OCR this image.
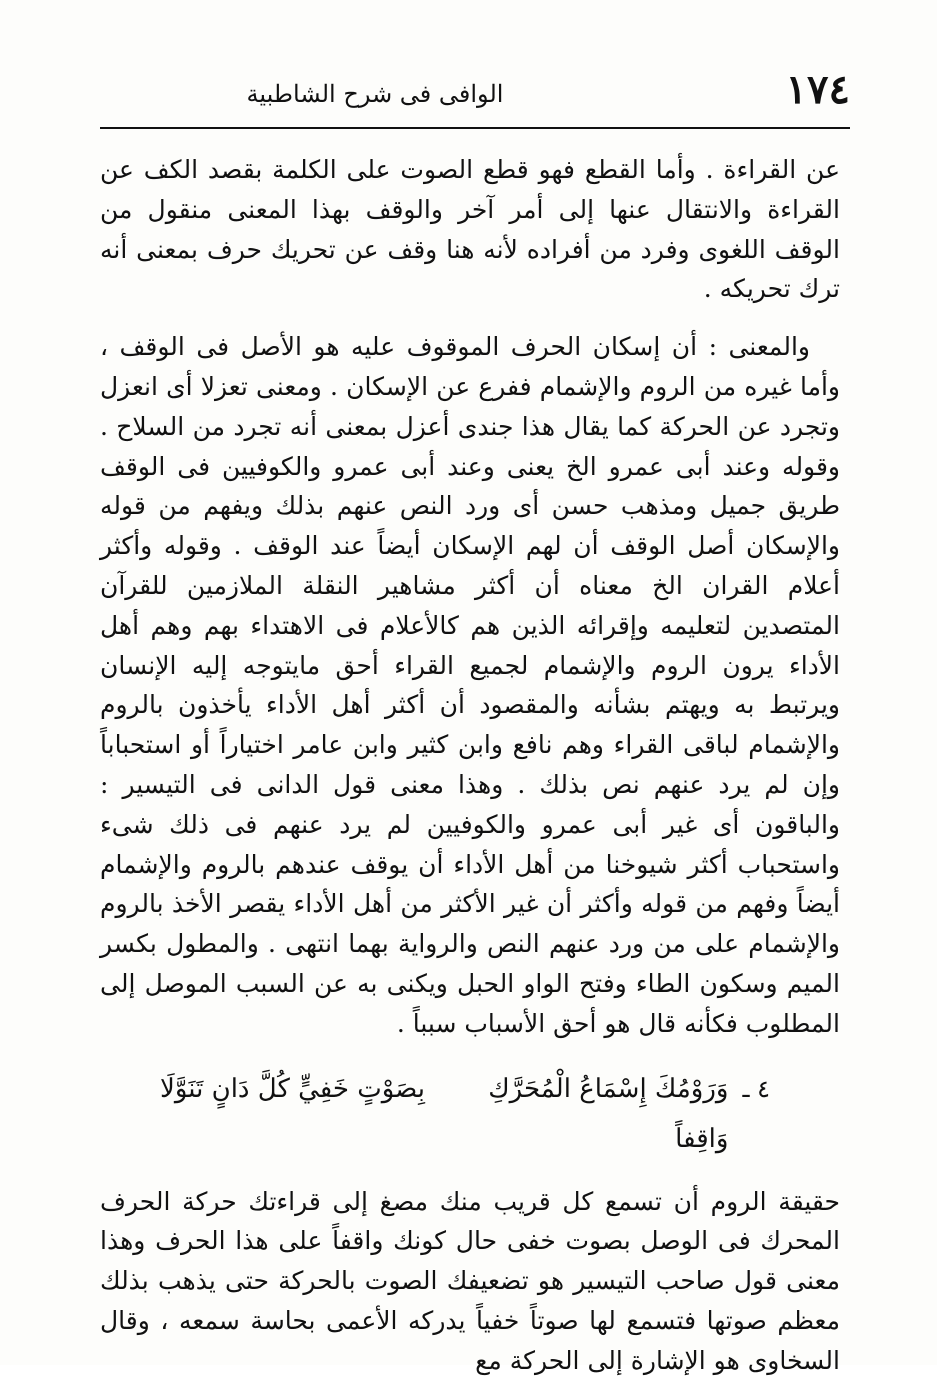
١٧٤
الوافى فى شرح الشاطبية

عن القراءة . وأما القطع فهو قطع الصوت على الكلمة بقصد الكف عن القراءة والانتقال عنها إلى أمر آخر والوقف بهذا المعنى منقول من الوقف اللغوى وفرد من أفراده لأنه هنا وقف عن تحريك حرف بمعنى أنه ترك تحريكه .

والمعنى : أن إسكان الحرف الموقوف عليه هو الأصل فى الوقف ، وأما غيره من الروم والإشمام ففرع عن الإسكان . ومعنى تعزلا أى انعزل وتجرد عن الحركة كما يقال هذا جندى أعزل بمعنى أنه تجرد من السلاح . وقوله وعند أبى عمرو الخ يعنى وعند أبى عمرو والكوفيين فى الوقف طريق جميل ومذهب حسن أى ورد النص عنهم بذلك ويفهم من قوله والإسكان أصل الوقف أن لهم الإسكان أيضاً عند الوقف . وقوله وأكثر أعلام القران الخ معناه أن أكثر مشاهير النقلة الملازمين للقرآن المتصدين لتعليمه وإقرائه الذين هم كالأعلام فى الاهتداء بهم وهم أهل الأداء يرون الروم والإشمام لجميع القراء أحق مايتوجه إليه الإنسان ويرتبط به ويهتم بشأنه والمقصود أن أكثر أهل الأداء يأخذون بالروم والإشمام لباقى القراء وهم نافع وابن كثير وابن عامر اختياراً أو استحباباً وإن لم يرد عنهم نص بذلك . وهذا معنى قول الدانى فى التيسير : والباقون أى غير أبى عمرو والكوفيين لم يرد عنهم فى ذلك شىء واستحباب أكثر شيوخنا من أهل الأداء أن يوقف عندهم بالروم والإشمام أيضاً وفهم من قوله وأكثر أن غير الأكثر من أهل الأداء يقصر الأخذ بالروم والإشمام على من ورد عنهم النص والرواية بهما انتهى . والمطول بكسر الميم وسكون الطاء وفتح الواو الحبل ويكنى به عن السبب الموصل إلى المطلوب فكأنه قال هو أحق الأسباب سبباً .

٤ ـ
وَرَوْمُكَ إِسْمَاعُ الْمُحَرَّكِ وَاقِفاً
بِصَوْتٍ خَفِيٍّ كُلَّ دَانٍ تَنَوَّلَا

حقيقة الروم أن تسمع كل قريب منك مصغ إلى قراءتك حركة الحرف المحرك فى الوصل بصوت خفى حال كونك واقفاً على هذا الحرف وهذا معنى قول صاحب التيسير هو تضعيفك الصوت بالحركة حتى يذهب بذلك معظم صوتها فتسمع لها صوتاً خفياً يدركه الأعمى بحاسة سمعه ، وقال السخاوى هو الإشارة إلى الحركة مع
